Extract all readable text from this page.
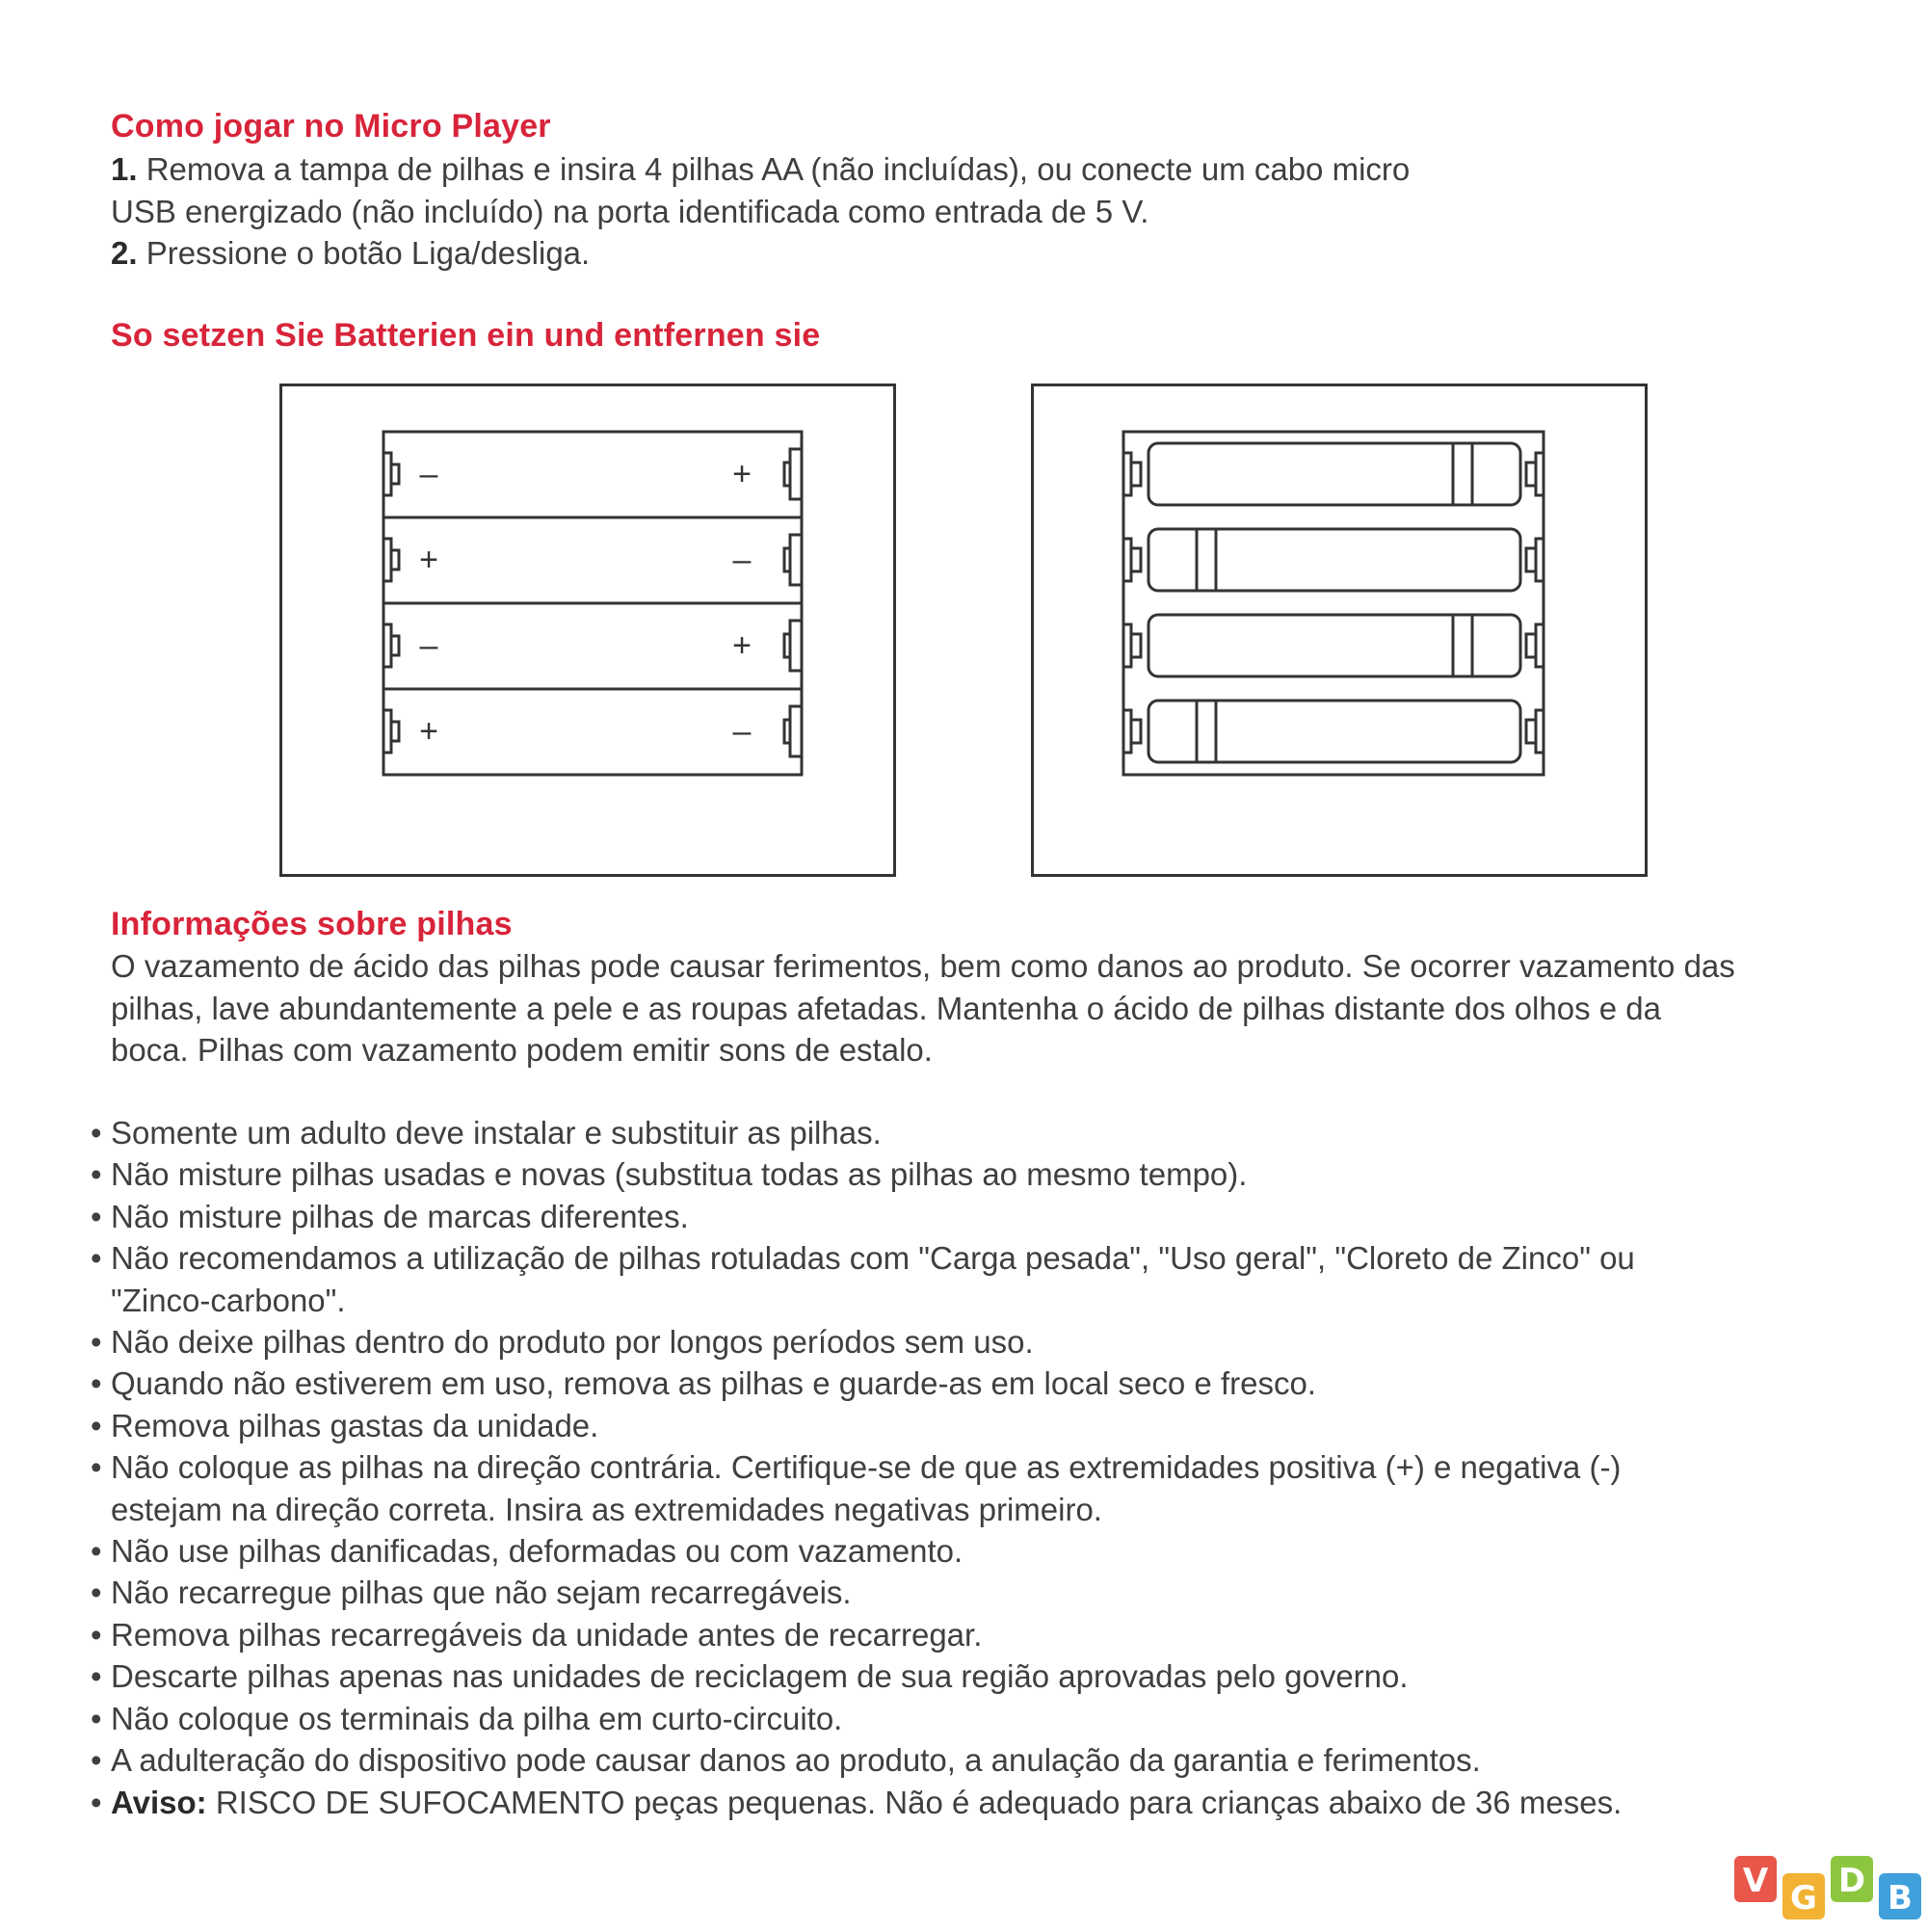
Como jogar no Micro Player
1. Remova a tampa de pilhas e insira 4 pilhas AA (não incluídas), ou conecte um cabo micro
USB energizado (não incluído) na porta identificada como entrada de 5 V.
2. Pressione o botão Liga/desliga.
So setzen Sie Batterien ein und entfernen sie
–	+
+	–
–	+
+	–
Informações sobre pilhas
O vazamento de ácido das pilhas pode causar ferimentos, bem como danos ao produto. Se ocorrer vazamento das
pilhas, lave abundantemente a pele e as roupas afetadas. Mantenha o ácido de pilhas distante dos olhos e da
boca. Pilhas com vazamento podem emitir sons de estalo.
• Somente um adulto deve instalar e substituir as pilhas.
• Não misture pilhas usadas e novas (substitua todas as pilhas ao mesmo tempo).
• Não misture pilhas de marcas diferentes.
• Não recomendamos a utilização de pilhas rotuladas com "Carga pesada", "Uso geral", "Cloreto de Zinco" ou
"Zinco-carbono".
• Não deixe pilhas dentro do produto por longos períodos sem uso.
• Quando não estiverem em uso, remova as pilhas e guarde-as em local seco e fresco.
• Remova pilhas gastas da unidade.
• Não coloque as pilhas na direção contrária. Certifique-se de que as extremidades positiva (+) e negativa (-)
estejam na direção correta. Insira as extremidades negativas primeiro.
• Não use pilhas danificadas, deformadas ou com vazamento.
• Não recarregue pilhas que não sejam recarregáveis.
• Remova pilhas recarregáveis da unidade antes de recarregar.
• Descarte pilhas apenas nas unidades de reciclagem de sua região aprovadas pelo governo.
• Não coloque os terminais da pilha em curto-circuito.
• A adulteração do dispositivo pode causar danos ao produto, a anulação da garantia e ferimentos.
• Aviso: RISCO DE SUFOCAMENTO peças pequenas. Não é adequado para crianças abaixo de 36 meses.
V G D B
